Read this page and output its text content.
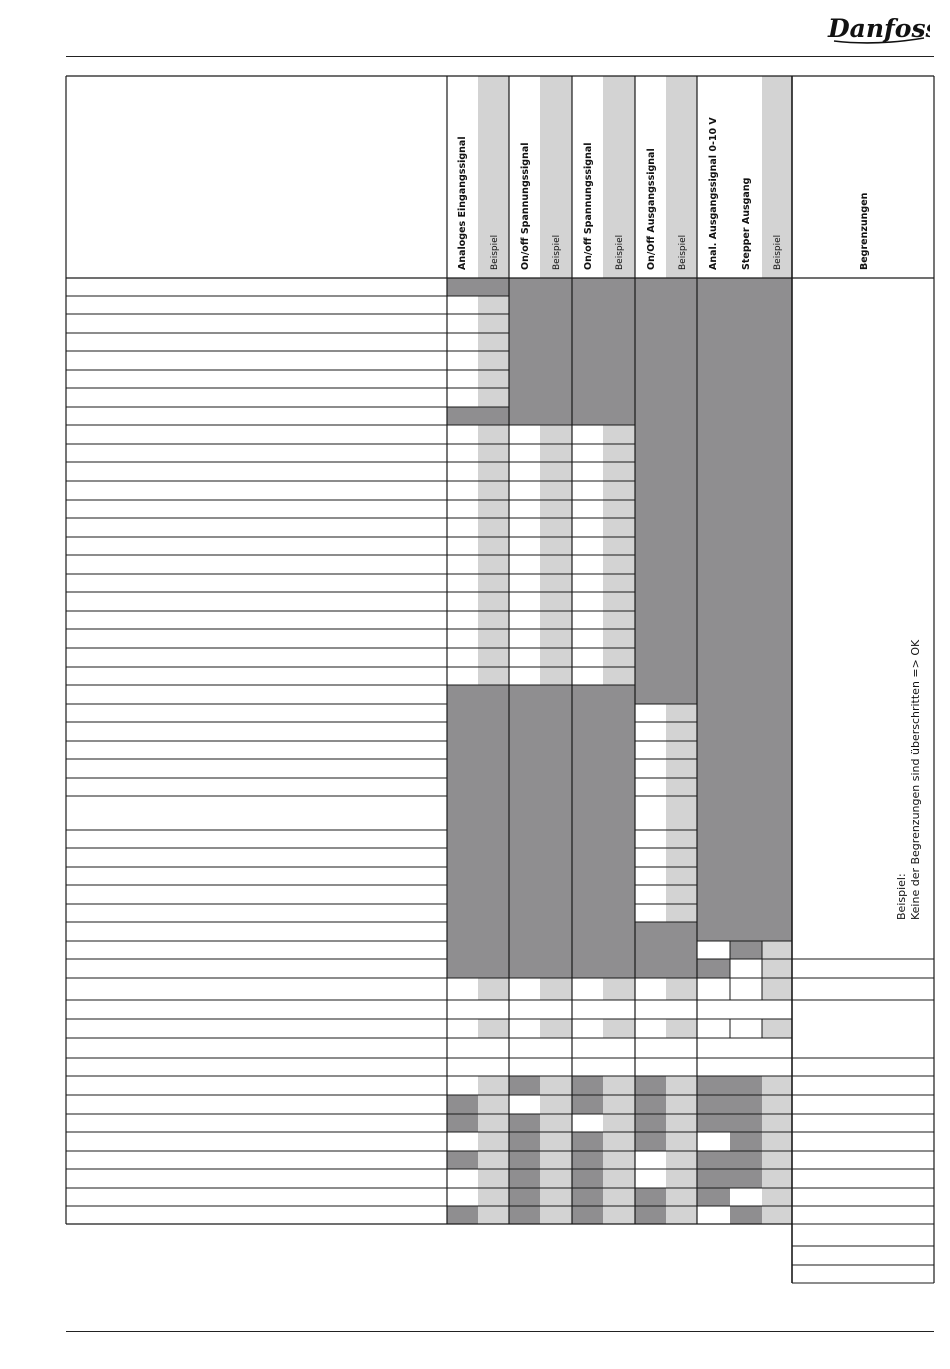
Danfoss
Analoges Eingangssignal Beispiel On/off Spannungssignal Beispiel On/off Spannungssignal Beispiel On/Off Ausgangssignal Beispiel Anal. Ausgangssignal 0-10 V Stepper Ausgang Beispiel	Begrenzungen
Beispiel: Keine der Begrenzungen sind überschritten => OK
